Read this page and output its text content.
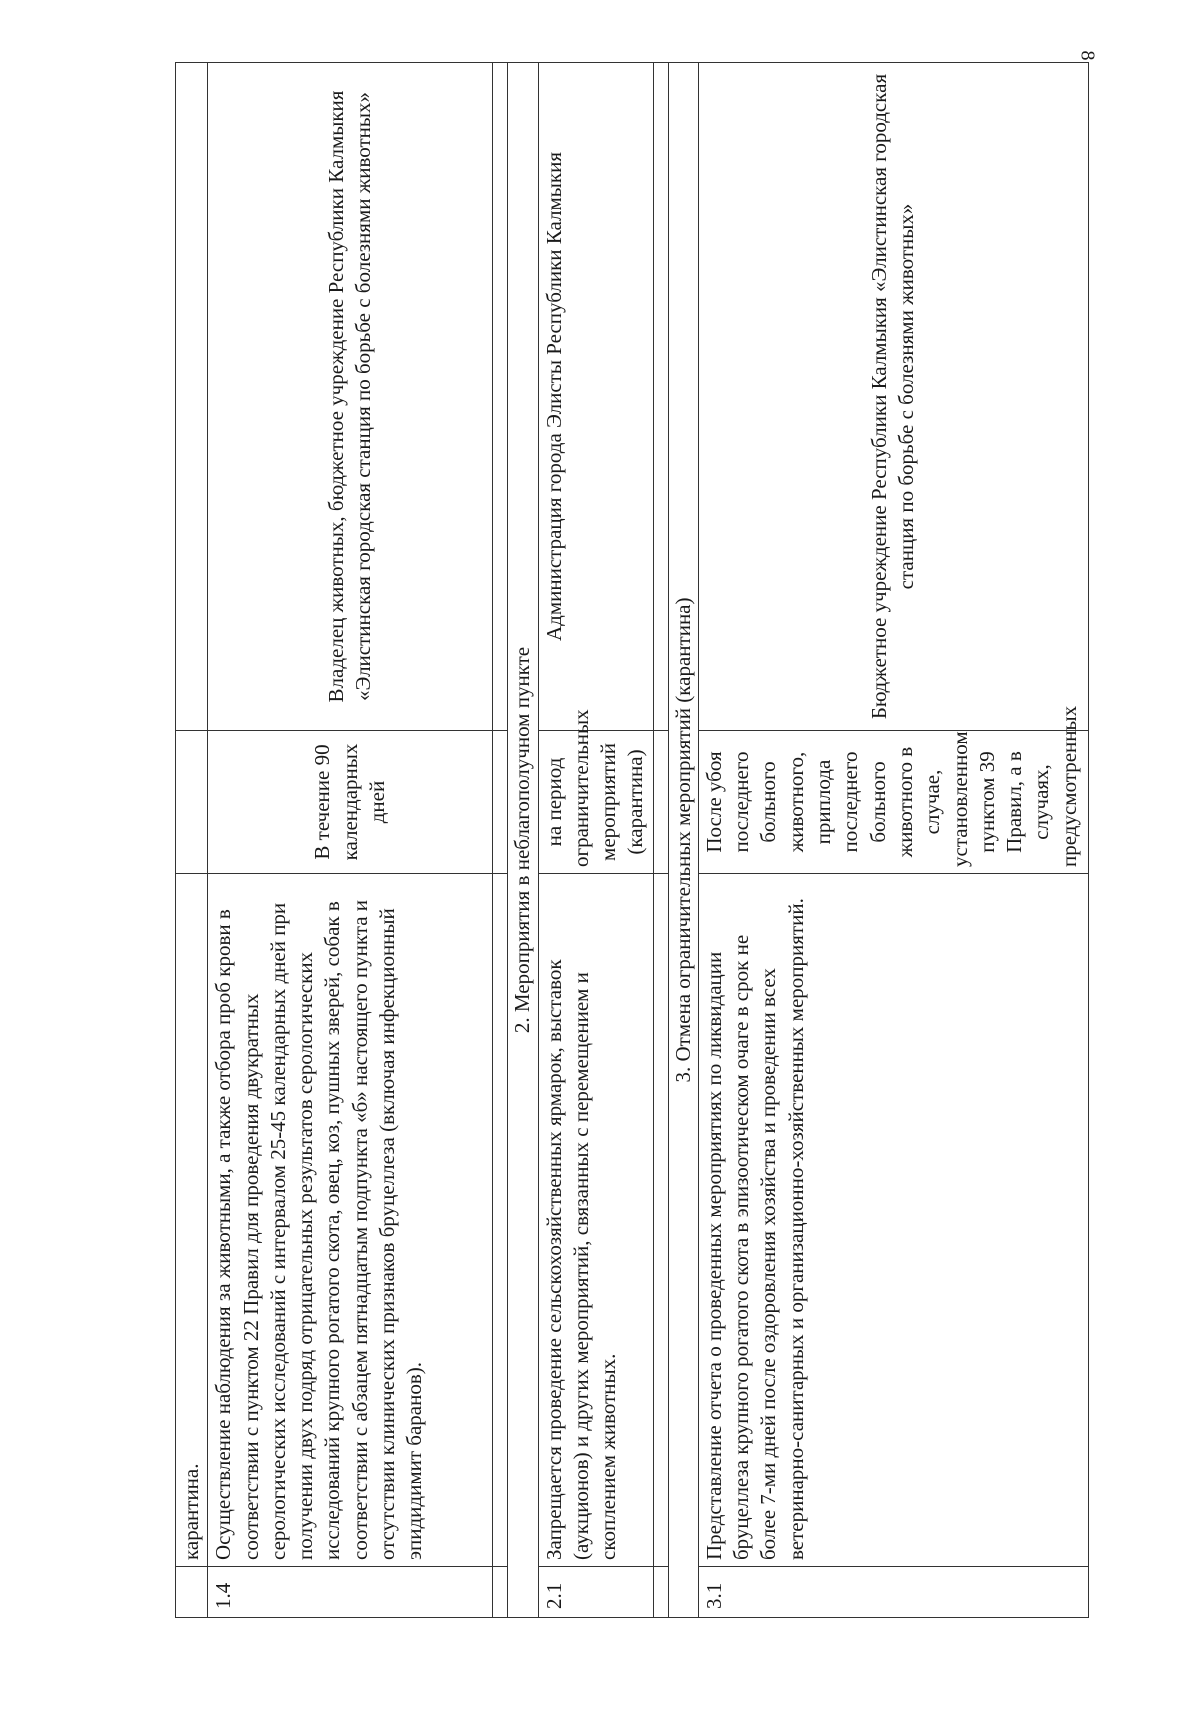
8
	карантина.		
1.4	Осуществление наблюдения за животными, а также отбора проб крови в соответствии с пунктом 22 Правил для проведения двукратных серологических исследований с интервалом 25-45 календарных дней при получении двух подряд отрицательных результатов серологических исследований крупного рогатого скота, овец, коз, пушных зверей, собак в соответствии с абзацем пятнадцатым подпункта «б» настоящего пункта и отсутствии клинических признаков бруцеллеза (включая инфекционный эпидидимит баранов).	В течение 90 календарных дней	Владелец животных, бюджетное учреждение Республики Калмыкия «Элистинская городская станция по борьбе с болезнями животных»

2. Мероприятия в неблагополучном пункте			
2.1	Запрещается проведение сельскохозяйственных ярмарок, выставок (аукционов) и других мероприятий, связанных с перемещением и скоплением животных.	на период ограничительных мероприятий (карантина)	Администрация города Элисты Республики Калмыкия

3. Отмена ограничительных мероприятий (карантина)			
3.1	Представление отчета о проведенных мероприятиях по ликвидации бруцеллеза крупного рогатого скота в эпизоотическом очаге в срок не более 7-ми дней после оздоровления хозяйства и проведении всех ветеринарно-санитарных и организационно-хозяйственных мероприятий.	После убоя последнего больного животного, приплода последнего больного животного в случае, установленном пунктом 39 Правил, а в случаях, предусмотренных	Бюджетное учреждение Республики Калмыкия «Элистинская городская станция по борьбе с болезнями животных»
